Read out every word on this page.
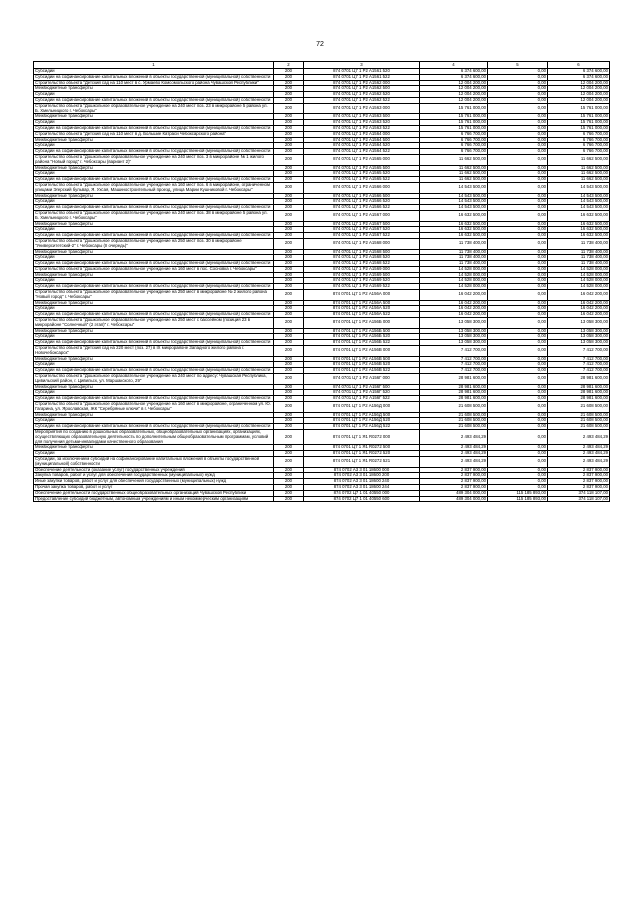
72
1	2	3	4	5	6
Субсидии	200	874 0701 Ц7 1 P2 А1561 520	6 374 600,00	0,00	6 374 600,00
Субсидии на софинансирование капитальных вложений в объекты государственной (муниципальной) собственности	200	874 0701 Ц7 1 P2 А1561 522	6 374 600,00	0,00	6 374 600,00
Строительство объекта "Детский сад на 110 мест в с. Урмаево Комсомольского района Чувашской Республики"	200	874 0701 Ц7 1 P2 А1562 000	12 004 200,00	0,00	12 004 200,00
Межбюджетные трансферты	200	874 0701 Ц7 1 P2 А1562 500	12 004 200,00	0,00	12 004 200,00
Субсидии	200	874 0701 Ц7 1 P2 А1562 520	12 004 200,00	0,00	12 004 200,00
Субсидии на софинансирование капитальных вложений в объекты государственной (муниципальной) собственности	200	874 0701 Ц7 1 P2 А1562 522	12 004 200,00	0,00	12 004 200,00
Строительство объекта "Дошкольное образовательное учреждение на 240 мест поз. 23 в микрорайоне 5 района ул. Б. Хмельницкого г. Чебоксары"	200	874 0701 Ц7 1 P2 А1563 000	15 761 000,00	0,00	15 761 000,00
Межбюджетные трансферты	200	874 0701 Ц7 1 P2 А1563 500	15 761 000,00	0,00	15 761 000,00
Субсидии	200	874 0701 Ц7 1 P2 А1563 520	15 761 000,00	0,00	15 761 000,00
Субсидии на софинансирование капитальных вложений в объекты государственной (муниципальной) собственности	200	874 0701 Ц7 1 P2 А1563 522	15 761 000,00	0,00	15 761 000,00
Строительство объекта "Детский сад на 110 мест в д. Большие Катраси Чебоксарского района"	200	874 0701 Ц7 1 P2 А1564 000	6 766 700,00	0,00	6 766 700,00
Межбюджетные трансферты	200	874 0701 Ц7 1 P2 А1564 500	6 766 700,00	0,00	6 766 700,00
Субсидии	200	874 0701 Ц7 1 P2 А1564 520	6 766 700,00	0,00	6 766 700,00
Субсидии на софинансирование капитальных вложений в объекты государственной (муниципальной) собственности	200	874 0701 Ц7 1 P2 А1564 522	6 766 700,00	0,00	6 766 700,00
Строительство объекта "Дошкольное образовательное учреждение на 240 мест поз. 3 в микрорайоне № 1 жилого района "Новый город" г. Чебоксары (вариант 2)"	200	874 0701 Ц7 1 P2 А1565 000	11 662 500,00	0,00	11 662 500,00
Межбюджетные трансферты	200	874 0701 Ц7 1 P2 А1565 500	11 662 500,00	0,00	11 662 500,00
Субсидии	200	874 0701 Ц7 1 P2 А1565 520	11 662 500,00	0,00	11 662 500,00
Субсидии на софинансирование капитальных вложений в объекты государственной (муниципальной) собственности	200	874 0701 Ц7 1 P2 А1565 522	11 662 500,00	0,00	11 662 500,00
Строительство объекта "Дошкольное образовательное учреждение на 160 мест поз. 6 в микрорайоне, ограниченном улицами Эгерский бульвар, Я. Ухсая, Машиностроительный проезд, улица Марии Кушниковой г. Чебоксары"	200	874 0701 Ц7 1 P2 А1566 000	14 543 500,00	0,00	14 543 500,00
Межбюджетные трансферты	200	874 0701 Ц7 1 P2 А1566 500	14 543 500,00	0,00	14 543 500,00
Субсидии	200	874 0701 Ц7 1 P2 А1566 520	14 543 500,00	0,00	14 543 500,00
Субсидии на софинансирование капитальных вложений в объекты государственной (муниципальной) собственности	200	874 0701 Ц7 1 P2 А1566 522	14 543 500,00	0,00	14 543 500,00
Строительство объекта "Дошкольное образовательное учреждение на 240 мест поз. 38 в микрорайоне 5 района ул. Б. Хмельницкого г. Чебоксары"	200	874 0701 Ц7 1 P2 А1567 000	16 632 500,00	0,00	16 632 500,00
Межбюджетные трансферты	200	874 0701 Ц7 1 P2 А1567 500	16 632 500,00	0,00	16 632 500,00
Субсидии	200	874 0701 Ц7 1 P2 А1567 520	16 632 500,00	0,00	16 632 500,00
Субсидии на софинансирование капитальных вложений в объекты государственной (муниципальной) собственности	200	874 0701 Ц7 1 P2 А1567 522	16 632 500,00	0,00	16 632 500,00
Строительство объекта "Дошкольное образовательное учреждение на 250 мест поз. 30 в микрорайоне "Университетский-2" г. Чебоксары (II очередь)"	200	874 0701 Ц7 1 P2 А1568 000	11 738 400,00	0,00	11 738 400,00
Межбюджетные трансферты	200	874 0701 Ц7 1 P2 А1568 500	11 738 400,00	0,00	11 738 400,00
Субсидии	200	874 0701 Ц7 1 P2 А1568 520	11 738 400,00	0,00	11 738 400,00
Субсидии на софинансирование капитальных вложений в объекты государственной (муниципальной) собственности	200	874 0701 Ц7 1 P2 А1568 522	11 738 400,00	0,00	11 738 400,00
Строительство объекта "Дошкольное образовательное учреждение на 160 мест в пос. Сосновка г. Чебоксары"	200	874 0701 Ц7 1 P2 А1569 000	14 528 000,00	0,00	14 528 000,00
Межбюджетные трансферты	200	874 0701 Ц7 1 P2 А1569 500	14 528 000,00	0,00	14 528 000,00
Субсидии	200	874 0701 Ц7 1 P2 А1569 520	14 528 000,00	0,00	14 528 000,00
Субсидии на софинансирование капитальных вложений в объекты государственной (муниципальной) собственности	200	874 0701 Ц7 1 P2 А1569 522	14 528 000,00	0,00	14 528 000,00
Строительство объекта "Дошкольное образовательное учреждение на 250 мест в микрорайоне № 2 жилого района "Новый город" г. Чебоксары"	200	874 0701 Ц7 1 P2 А156А 000	16 042 200,00	0,00	16 042 200,00
Межбюджетные трансферты	200	874 0701 Ц7 1 P2 А156А 500	16 042 200,00	0,00	16 042 200,00
Субсидии	200	874 0701 Ц7 1 P2 А156А 520	16 042 200,00	0,00	16 042 200,00
Субсидии на софинансирование капитальных вложений в объекты государственной (муниципальной) собственности	200	874 0701 Ц7 1 P2 А156А 522	16 042 200,00	0,00	16 042 200,00
Строительство объекта "Дошкольное образовательное учреждение на 250 мест с бассейном (позиция 23 в микрорайоне "Солнечный" (2 этап)" г. Чебоксары"	200	874 0701 Ц7 1 P2 А156Б 000	13 058 300,00	0,00	13 058 300,00
Межбюджетные трансферты	200	874 0701 Ц7 1 P2 А156Б 500	13 058 300,00	0,00	13 058 300,00
Субсидии	200	874 0701 Ц7 1 P2 А156Б 520	13 058 300,00	0,00	13 058 300,00
Субсидии на софинансирование капитальных вложений в объекты государственной (муниципальной) собственности	200	874 0701 Ц7 1 P2 А156Б 522	13 058 300,00	0,00	13 058 300,00
Строительство объекта "Детский сад на 220 мест (поз. 27) в IX микрорайоне Западного жилого района г. Новочебоксарск"	200	874 0701 Ц7 1 P2 А156В 000	7 412 700,00	0,00	7 412 700,00
Межбюджетные трансферты	200	874 0701 Ц7 1 P2 А156В 500	7 412 700,00	0,00	7 412 700,00
Субсидии	200	874 0701 Ц7 1 P2 А156В 520	7 412 700,00	0,00	7 412 700,00
Субсидии на софинансирование капитальных вложений в объекты государственной (муниципальной) собственности	200	874 0701 Ц7 1 P2 А156В 522	7 412 700,00	0,00	7 412 700,00
Строительство объекта "Дошкольное образовательное учреждение на 240 мест по адресу: Чувашская Республика, Цивильский район, г. Цивильск, ул. Маршакского, 29"	200	874 0701 Ц7 1 P2 А156Г 000	28 981 600,00	0,00	28 981 600,00
Межбюджетные трансферты	200	874 0701 Ц7 1 P2 А156Г 500	28 981 600,00	0,00	28 981 600,00
Субсидии	200	874 0701 Ц7 1 P2 А156Г 520	28 981 600,00	0,00	28 981 600,00
Субсидии на софинансирование капитальных вложений в объекты государственной (муниципальной) собственности	200	874 0701 Ц7 1 P2 А156Г 522	28 981 600,00	0,00	28 981 600,00
Строительство объекта "Дошкольное образовательное учреждение на 160 мест в микрорайоне, ограниченном ул. Ю. Гагарина, ул. Ярославская, ЖК "Серебряные ключи" в г. Чебоксары"	200	874 0701 Ц7 1 P2 А156Д 000	21 608 500,00	0,00	21 608 500,00
Межбюджетные трансферты	200	874 0701 Ц7 1 P2 А156Д 500	21 608 500,00	0,00	21 608 500,00
Субсидии	200	874 0701 Ц7 1 P2 А156Д 520	21 608 500,00	0,00	21 608 500,00
Субсидии на софинансирование капитальных вложений в объекты государственной (муниципальной) собственности	200	874 0701 Ц7 1 P2 А156Д 522	21 608 500,00	0,00	21 608 500,00
Мероприятия по созданию в дошкольных образовательных, общеобразовательных организациях, организациях, осуществляющих образовательную деятельность по дополнительным общеобразовательным программам, условий для получения детьми-инвалидами качественного образования	200	874 0701 Ц7 1 Я1 R0272 000	2 493 484,29	0,00	2 493 484,29
Межбюджетные трансферты	200	874 0701 Ц7 1 Я1 R0272 500	2 493 484,29	0,00	2 493 484,29
Субсидии	200	874 0701 Ц7 1 Я1 R0272 520	2 493 484,29	0,00	2 493 484,29
Субсидии, за исключением субсидий на софинансирование капитальных вложений в объекты государственной (муниципальной) собственности	200	874 0701 Ц7 1 Я1 R0272 521	2 493 484,29	0,00	2 493 484,29
Обеспечение деятельности (оказание услуг) государственных учреждений	200	874 0702 А3 3 01 18600 000	2 837 900,00	0,00	2 837 900,00
Закупка товаров, работ и услуг для обеспечения государственных (муниципальных) нужд	200	874 0702 А3 3 01 18600 200	2 837 900,00	0,00	2 837 900,00
Иные закупки товаров, работ и услуг для обеспечения государственных (муниципальных) нужд	200	874 0702 А3 3 01 18600 240	2 837 900,00	0,00	2 837 900,00
Прочая закупка товаров, работ и услуг	200	874 0702 А3 3 01 18600 244	2 837 900,00	0,00	2 837 900,00
Обеспечение деятельности государственных общеобразовательных организаций Чувашской Республики	200	874 0702 Ц7 1 01 40550 000	489 304 000,00	115 185 893,00	374 118 107,00
Предоставление субсидий бюджетным, автономным учреждениям и иным некоммерческим организациям	200	874 0702 Ц7 1 01 40550 600	489 304 000,00	115 185 893,00	374 118 107,00
